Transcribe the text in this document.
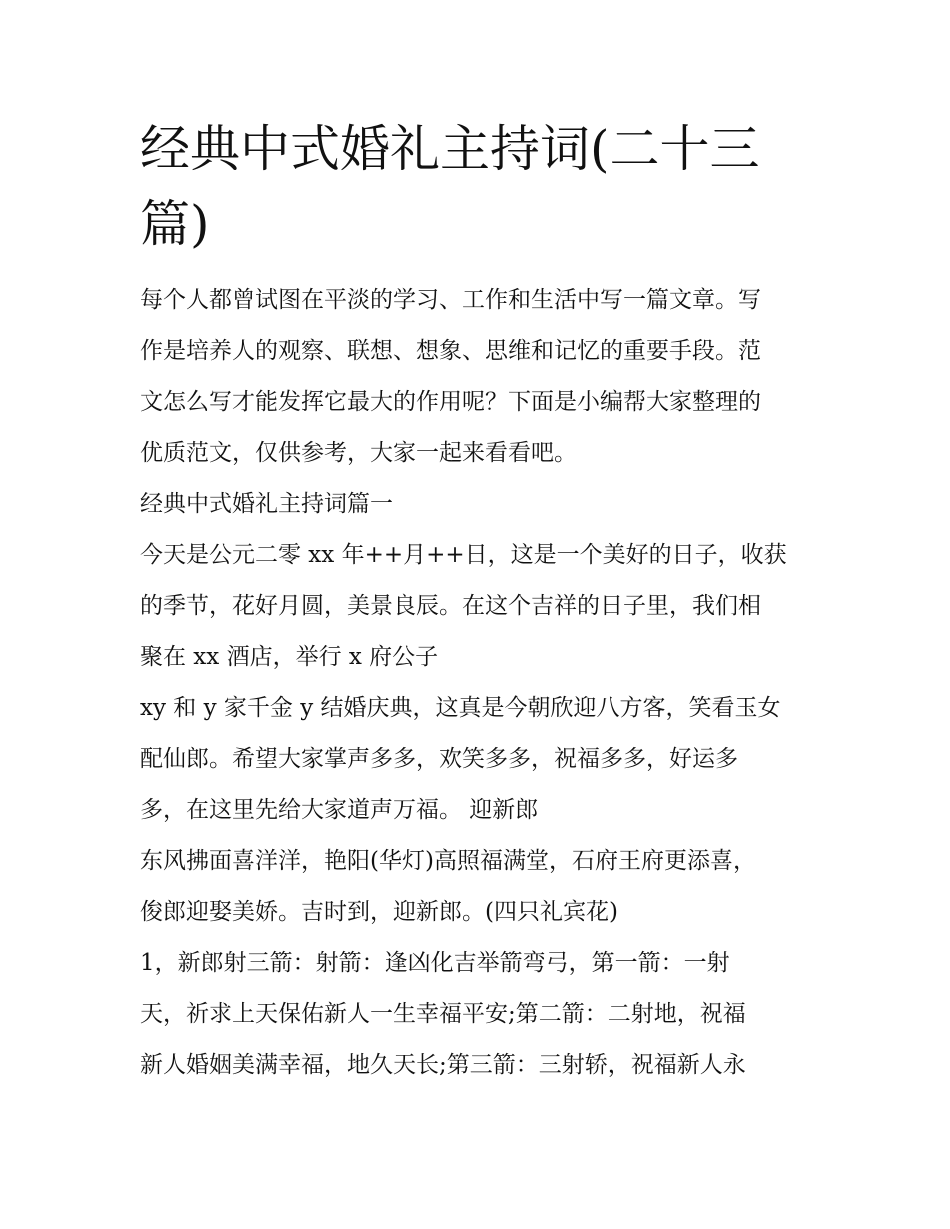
经典中式婚礼主持词(二十三
篇)
每个人都曾试图在平淡的学习、工作和生活中写一篇文章。写
作是培养人的观察、联想、想象、思维和记忆的重要手段。范
文怎么写才能发挥它最大的作用呢？下面是小编帮大家整理的
优质范文，仅供参考，大家一起来看看吧。
经典中式婚礼主持词篇一
今天是公元二零 xx 年++月++日，这是一个美好的日子，收获
的季节，花好月圆，美景良辰。在这个吉祥的日子里，我们相
聚在 xx 酒店，举行 x 府公子
xy 和 y 家千金 y 结婚庆典，这真是今朝欣迎八方客，笑看玉女
配仙郎。希望大家掌声多多，欢笑多多，祝福多多，好运多
多，在这里先给大家道声万福。 迎新郎
东风拂面喜洋洋，艳阳(华灯)高照福满堂，石府王府更添喜，
俊郎迎娶美娇。吉时到，迎新郎。(四只礼宾花)
1，新郎射三箭：射箭：逢凶化吉举箭弯弓，第一箭：一射
天，祈求上天保佑新人一生幸福平安;第二箭：二射地，祝福
新人婚姻美满幸福，地久天长;第三箭：三射轿，祝福新人永
